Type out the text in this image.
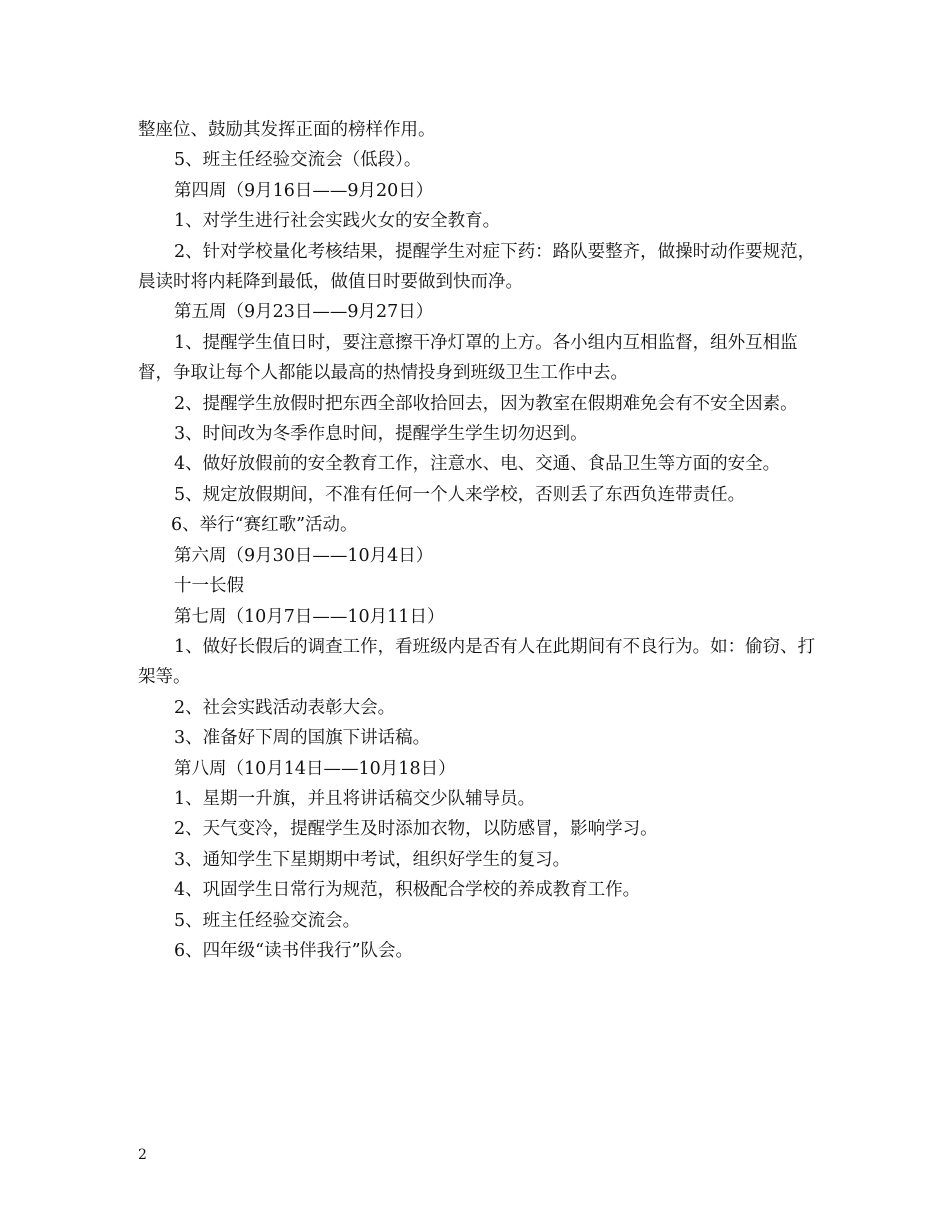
整座位、鼓励其发挥正面的榜样作用。

5、班主任经验交流会（低段）。

第四周（9月16日——9月20日）

1、对学生进行社会实践火女的安全教育。

2、针对学校量化考核结果，提醒学生对症下药：路队要整齐，做操时动作要规范，晨读时将内耗降到最低，做值日时要做到快而净。

第五周（9月23日——9月27日）

1、提醒学生值日时，要注意擦干净灯罩的上方。各小组内互相监督，组外互相监督，争取让每个人都能以最高的热情投身到班级卫生工作中去。

2、提醒学生放假时把东西全部收拾回去，因为教室在假期难免会有不安全因素。

3、时间改为冬季作息时间，提醒学生学生切勿迟到。

4、做好放假前的安全教育工作，注意水、电、交通、食品卫生等方面的安全。

5、规定放假期间，不准有任何一个人来学校，否则丢了东西负连带责任。

6、举行“赛红歌”活动。

第六周（9月30日——10月4日）

十一长假

第七周（10月7日——10月11日）

1、做好长假后的调查工作，看班级内是否有人在此期间有不良行为。如：偷窃、打架等。

2、社会实践活动表彰大会。

3、准备好下周的国旗下讲话稿。

第八周（10月14日——10月18日）

1、星期一升旗，并且将讲话稿交少队辅导员。

2、天气变冷，提醒学生及时添加衣物，以防感冒，影响学习。

3、通知学生下星期期中考试，组织好学生的复习。

4、巩固学生日常行为规范，积极配合学校的养成教育工作。

5、班主任经验交流会。

6、四年级“读书伴我行”队会。

2
